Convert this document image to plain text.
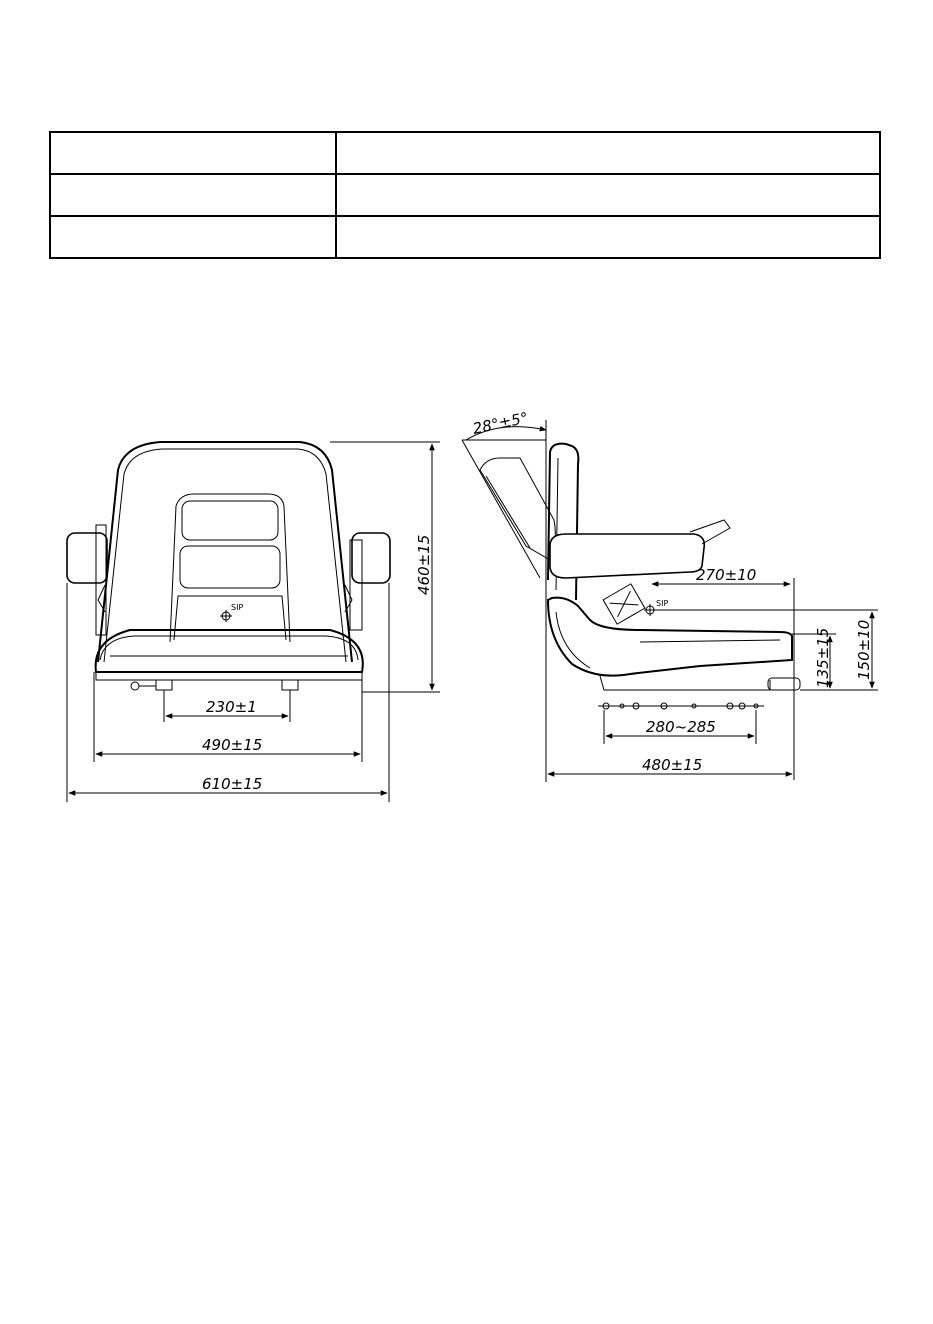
SIP
460±15
230±1
490±15
610±15
28°±5°
SIP
270±10
280~285
480±15
135±15 150±10
